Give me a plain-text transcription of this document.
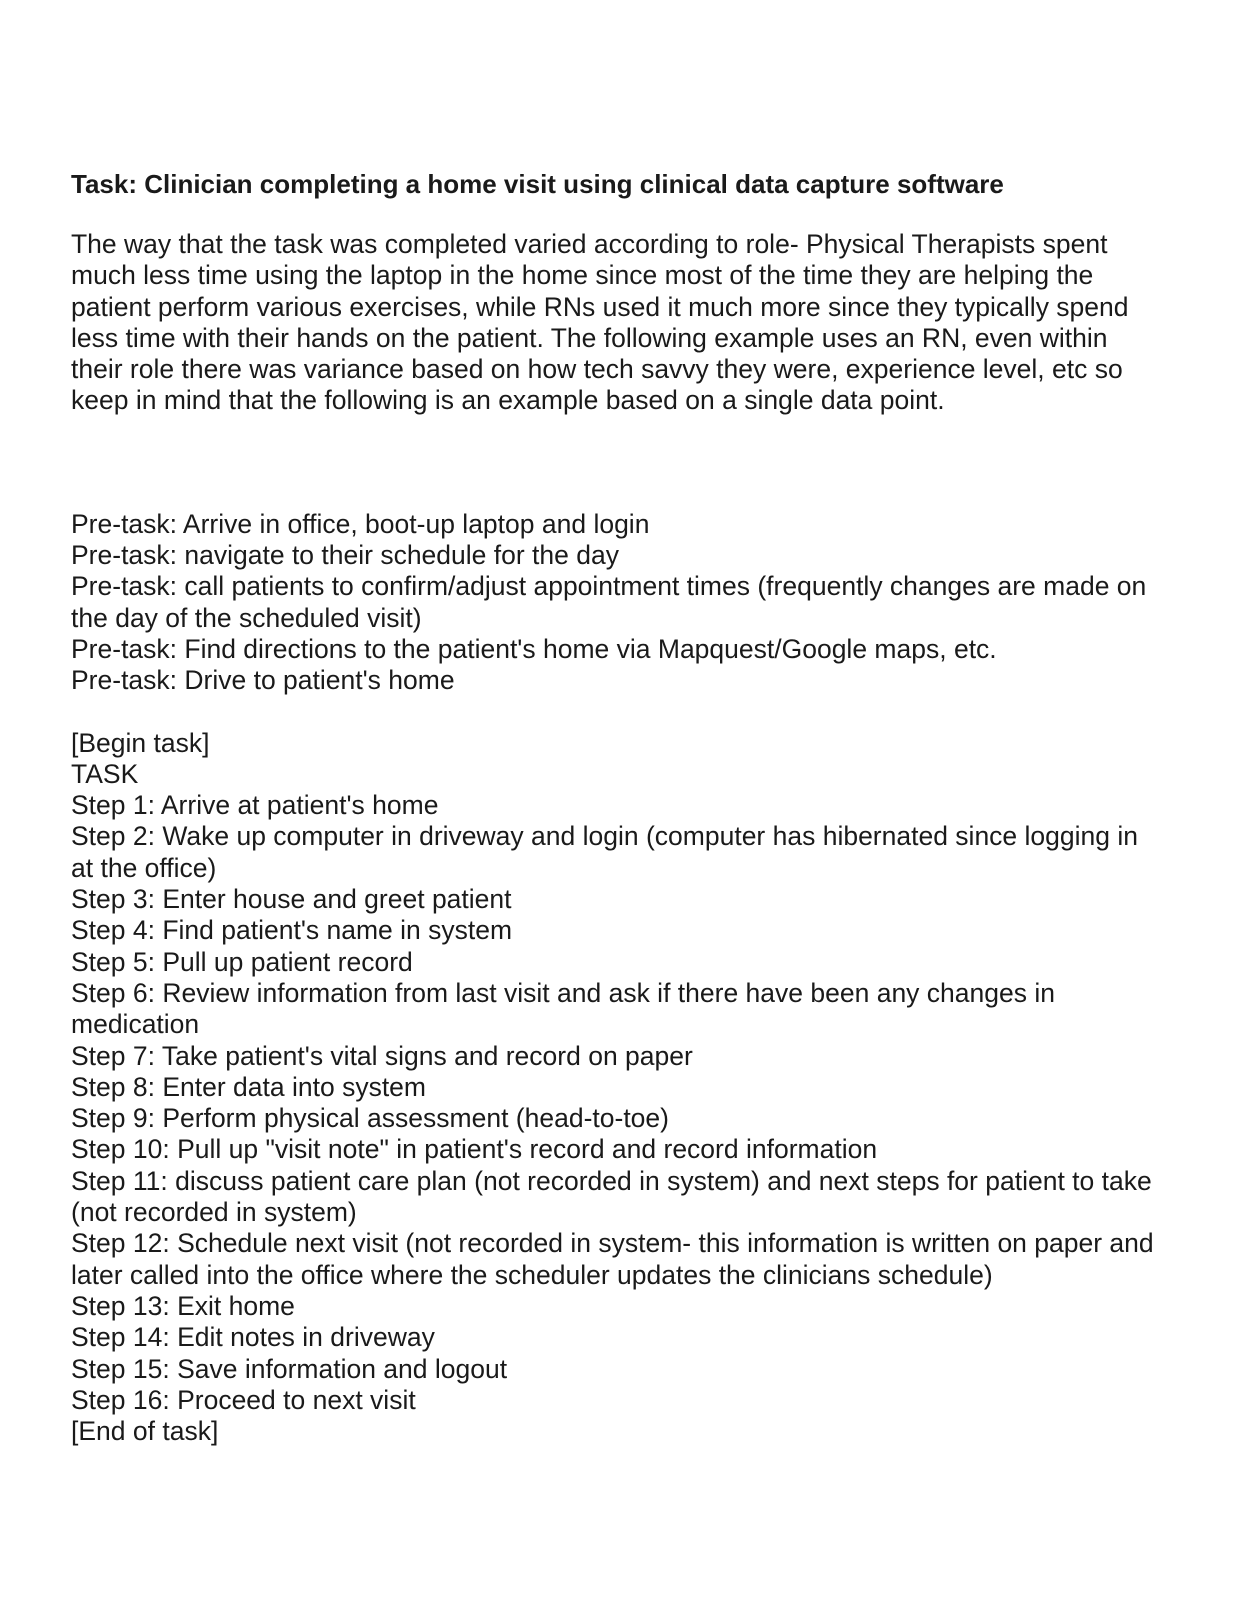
Task: Clinician completing a home visit using clinical data capture software

The way that the task was completed varied according to role- Physical Therapists spent much less time using the laptop in the home since most of the time they are helping the patient perform various exercises, while RNs used it much more since they typically spend less time with their hands on the patient. The following example uses an RN, even within their role there was variance based on how tech savvy they were, experience level, etc so keep in mind that the following is an example based on a single data point.

Pre-task: Arrive in office, boot-up laptop and login

Pre-task: navigate to their schedule for the day

Pre-task: call patients to confirm/adjust appointment times (frequently changes are made on the day of the scheduled visit)

Pre-task: Find directions to the patient's home via Mapquest/Google maps, etc.

Pre-task: Drive to patient's home

[Begin task]

TASK

Step 1: Arrive at patient's home

Step 2: Wake up computer in driveway and login (computer has hibernated since logging in at the office)

Step 3: Enter house and greet patient

Step 4: Find patient's name in system

Step 5: Pull up patient record

Step 6: Review information from last visit and ask if there have been any changes in medication

Step 7: Take patient's vital signs and record on paper

Step 8: Enter data into system

Step 9: Perform physical assessment (head-to-toe)

Step 10: Pull up "visit note" in patient's record and record information

Step 11: discuss patient care plan (not recorded in system) and next steps for patient to take (not recorded in system)

Step 12: Schedule next visit (not recorded in system- this information is written on paper and later called into the office where the scheduler updates the clinicians schedule)

Step 13: Exit home

Step 14: Edit notes in driveway

Step 15: Save information and logout

Step 16: Proceed to next visit

[End of task]
